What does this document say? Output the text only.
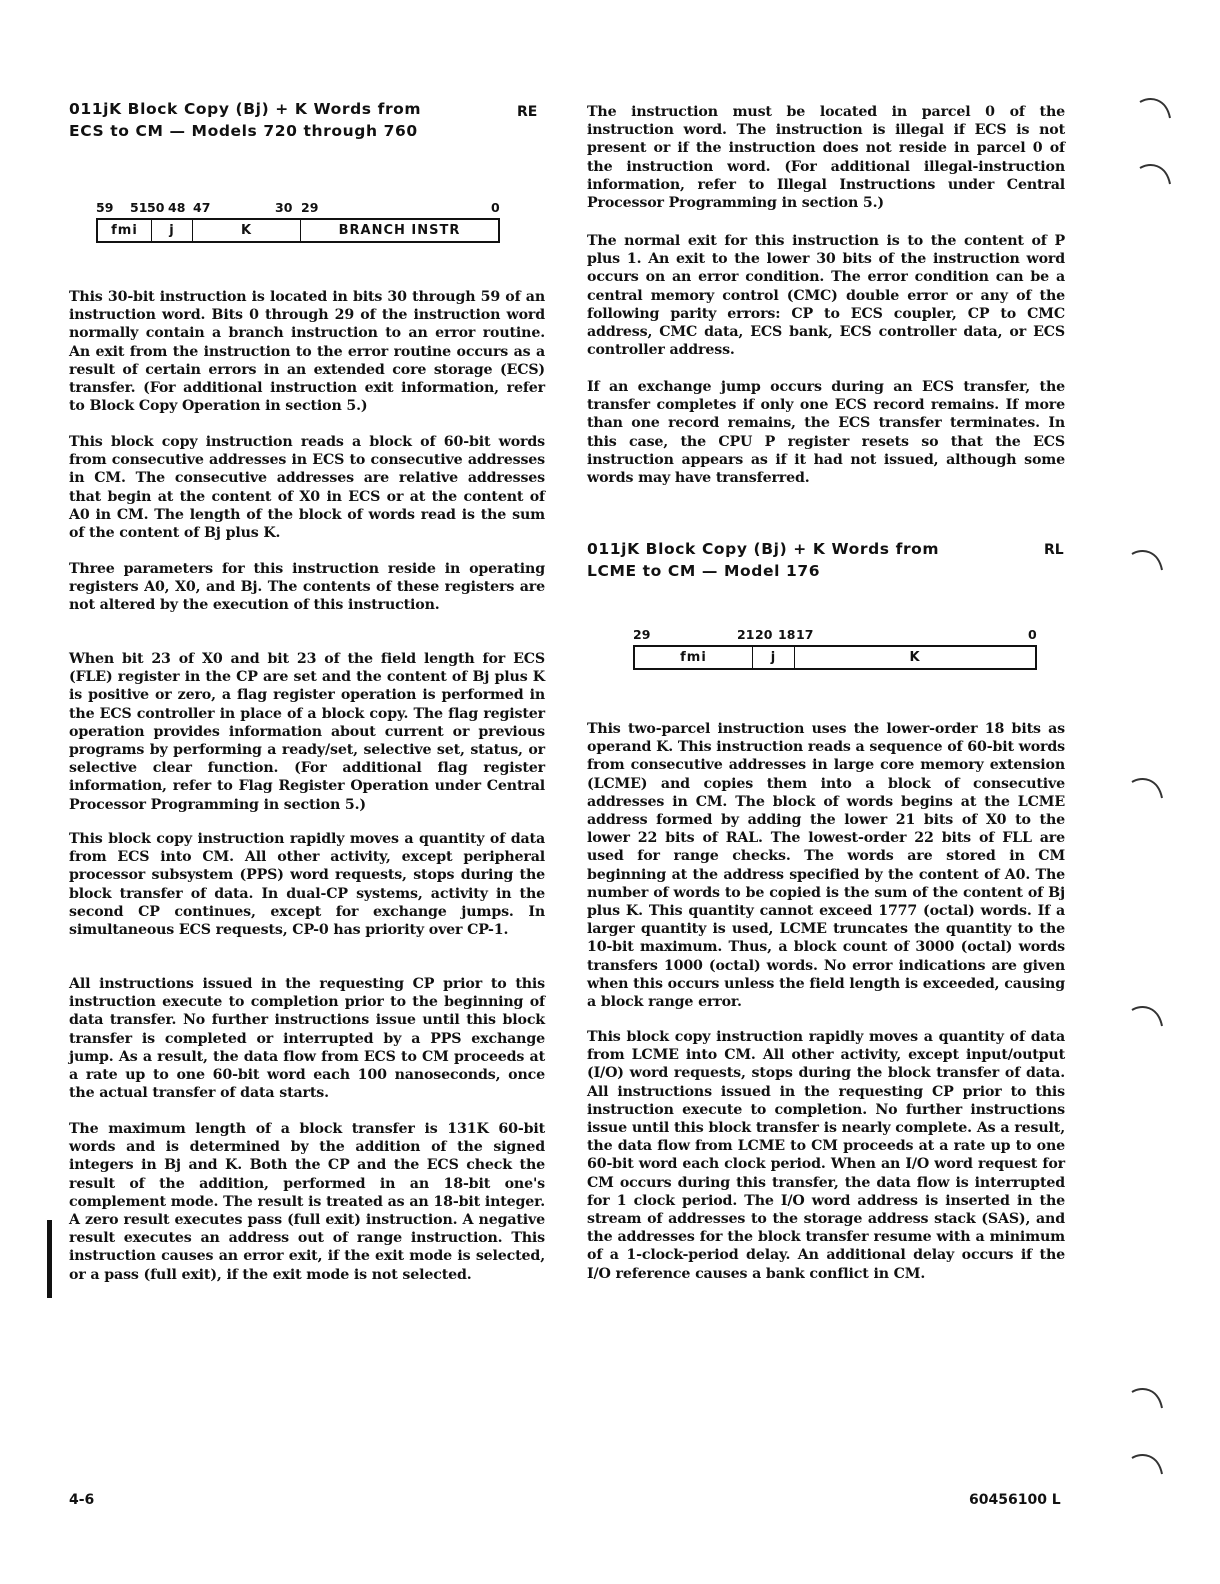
011jK Block Copy (Bj) + K Words from
ECS to CM — Models 720 through 760
RE
59 51 50 48 47	30 29	0
fmi	j	K	BRANCH INSTR

This 30-bit instruction is located in bits 30 through 59 of an instruction word. Bits 0 through 29 of the instruction word normally contain a branch instruction to an error routine. An exit from the instruction to the error routine occurs as a result of certain errors in an extended core storage (ECS) transfer. (For additional instruction exit information, refer to Block Copy Operation in section 5.)

This block copy instruction reads a block of 60-bit words from consecutive addresses in ECS to consecutive addresses in CM. The consecutive addresses are relative addresses that begin at the content of X0 in ECS or at the content of A0 in CM. The length of the block of words read is the sum of the content of Bj plus K.

Three parameters for this instruction reside in operating registers A0, X0, and Bj. The contents of these registers are not altered by the execution of this instruction.

When bit 23 of X0 and bit 23 of the field length for ECS (FLE) register in the CP are set and the content of Bj plus K is positive or zero, a flag register operation is performed in the ECS controller in place of a block copy. The flag register operation provides information about current or previous programs by performing a ready/set, selective set, status, or selective clear function. (For additional flag register information, refer to Flag Register Operation under Central Processor Programming in section 5.)

This block copy instruction rapidly moves a quantity of data from ECS into CM. All other activity, except peripheral processor subsystem (PPS) word requests, stops during the block transfer of data. In dual-CP systems, activity in the second CP continues, except for exchange jumps. In simultaneous ECS requests, CP-0 has priority over CP-1.

All instructions issued in the requesting CP prior to this instruction execute to completion prior to the beginning of data transfer. No further instructions issue until this block transfer is completed or interrupted by a PPS exchange jump. As a result, the data flow from ECS to CM proceeds at a rate up to one 60-bit word each 100 nanoseconds, once the actual transfer of data starts.

The maximum length of a block transfer is 131K 60-bit words and is determined by the addition of the signed integers in Bj and K. Both the CP and the ECS check the result of the addition, performed in an 18-bit one's complement mode. The result is treated as an 18-bit integer. A zero result executes pass (full exit) instruction. A negative result executes an address out of range instruction. This instruction causes an error exit, if the exit mode is selected, or a pass (full exit), if the exit mode is not selected.

The instruction must be located in parcel 0 of the instruction word. The instruction is illegal if ECS is not present or if the instruction does not reside in parcel 0 of the instruction word. (For additional illegal-instruction information, refer to Illegal Instructions under Central Processor Programming in section 5.)

The normal exit for this instruction is to the content of P plus 1. An exit to the lower 30 bits of the instruction word occurs on an error condition. The error condition can be a central memory control (CMC) double error or any of the following parity errors: CP to ECS coupler, CP to CMC address, CMC data, ECS bank, ECS controller data, or ECS controller address.

If an exchange jump occurs during an ECS transfer, the transfer completes if only one ECS record remains. If more than one record remains, the ECS transfer terminates. In this case, the CPU P register resets so that the ECS instruction appears as if it had not issued, although some words may have transferred.

011jK Block Copy (Bj) + K Words from
LCME to CM — Model 176
RL
29	21 20 18 17	0
fmi	j	K

This two-parcel instruction uses the lower-order 18 bits as operand K. This instruction reads a sequence of 60-bit words from consecutive addresses in large core memory extension (LCME) and copies them into a block of consecutive addresses in CM. The block of words begins at the LCME address formed by adding the lower 21 bits of X0 to the lower 22 bits of RAL. The lowest-order 22 bits of FLL are used for range checks. The words are stored in CM beginning at the address specified by the content of A0. The number of words to be copied is the sum of the content of Bj plus K. This quantity cannot exceed 1777 (octal) words. If a larger quantity is used, LCME truncates the quantity to the 10-bit maximum. Thus, a block count of 3000 (octal) words transfers 1000 (octal) words. No error indications are given when this occurs unless the field length is exceeded, causing a block range error.

This block copy instruction rapidly moves a quantity of data from LCME into CM. All other activity, except input/output (I/O) word requests, stops during the block transfer of data. All instructions issued in the requesting CP prior to this instruction execute to completion. No further instructions issue until this block transfer is nearly complete. As a result, the data flow from LCME to CM proceeds at a rate up to one 60-bit word each clock period. When an I/O word request for CM occurs during this transfer, the data flow is interrupted for 1 clock period. The I/O word address is inserted in the stream of addresses to the storage address stack (SAS), and the addresses for the block transfer resume with a minimum of a 1-clock-period delay. An additional delay occurs if the I/O reference causes a bank conflict in CM.

4-6	60456100 L
